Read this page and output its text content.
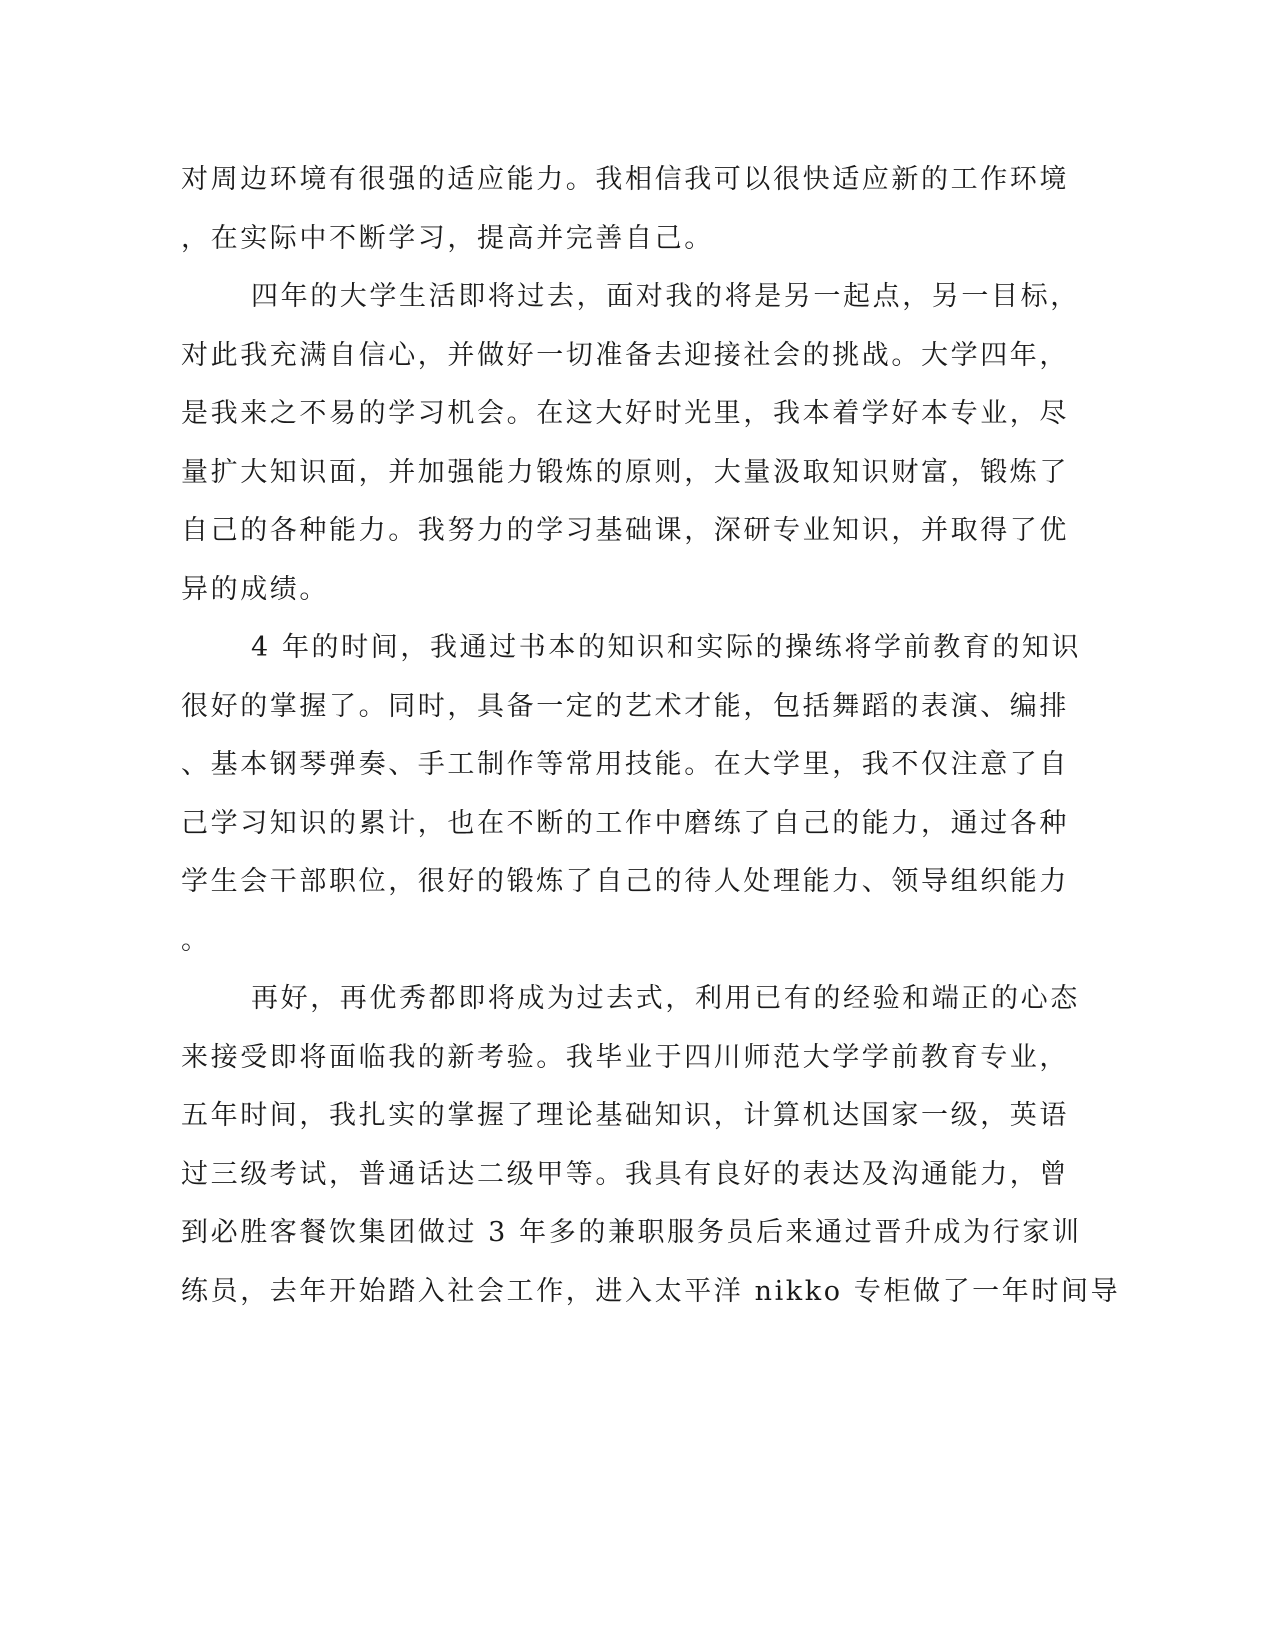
对周边环境有很强的适应能力。我相信我可以很快适应新的工作环境
，在实际中不断学习，提高并完善自己。
四年的大学生活即将过去，面对我的将是另一起点，另一目标，
对此我充满自信心，并做好一切准备去迎接社会的挑战。大学四年，
是我来之不易的学习机会。在这大好时光里，我本着学好本专业，尽
量扩大知识面，并加强能力锻炼的原则，大量汲取知识财富，锻炼了
自己的各种能力。我努力的学习基础课，深研专业知识，并取得了优
异的成绩。
4 年的时间，我通过书本的知识和实际的操练将学前教育的知识
很好的掌握了。同时，具备一定的艺术才能，包括舞蹈的表演、编排
、基本钢琴弹奏、手工制作等常用技能。在大学里，我不仅注意了自
己学习知识的累计，也在不断的工作中磨练了自己的能力，通过各种
学生会干部职位，很好的锻炼了自己的待人处理能力、领导组织能力
。
再好，再优秀都即将成为过去式，利用已有的经验和端正的心态
来接受即将面临我的新考验。我毕业于四川师范大学学前教育专业，
五年时间，我扎实的掌握了理论基础知识，计算机达国家一级，英语
过三级考试，普通话达二级甲等。我具有良好的表达及沟通能力，曾
到必胜客餐饮集团做过 3 年多的兼职服务员后来通过晋升成为行家训
练员，去年开始踏入社会工作，进入太平洋 nikko 专柜做了一年时间导
